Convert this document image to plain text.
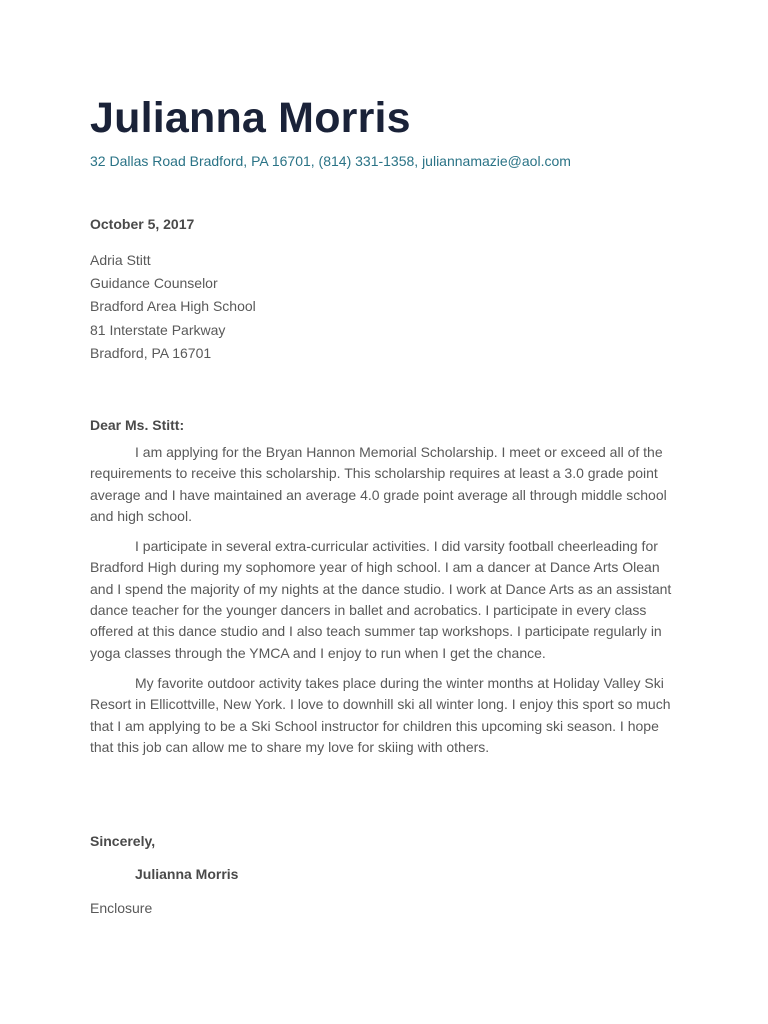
Julianna Morris
32 Dallas Road Bradford, PA 16701, (814) 331-1358, juliannamazie@aol.com
October 5, 2017
Adria Stitt
Guidance Counselor
Bradford Area High School
81 Interstate Parkway
Bradford, PA 16701
Dear Ms. Stitt:

I am applying for the Bryan Hannon Memorial Scholarship. I meet or exceed all of the requirements to receive this scholarship. This scholarship requires at least a 3.0 grade point average and I have maintained an average 4.0 grade point average all through middle school and high school.

I participate in several extra-curricular activities. I did varsity football cheerleading for Bradford High during my sophomore year of high school. I am a dancer at Dance Arts Olean and I spend the majority of my nights at the dance studio. I work at Dance Arts as an assistant dance teacher for the younger dancers in ballet and acrobatics. I participate in every class offered at this dance studio and I also teach summer tap workshops. I participate regularly in yoga classes through the YMCA and I enjoy to run when I get the chance.

My favorite outdoor activity takes place during the winter months at Holiday Valley Ski Resort in Ellicottville, New York. I love to downhill ski all winter long. I enjoy this sport so much that I am applying to be a Ski School instructor for children this upcoming ski season. I hope that this job can allow me to share my love for skiing with others.

Sincerely,
Julianna Morris
Enclosure
